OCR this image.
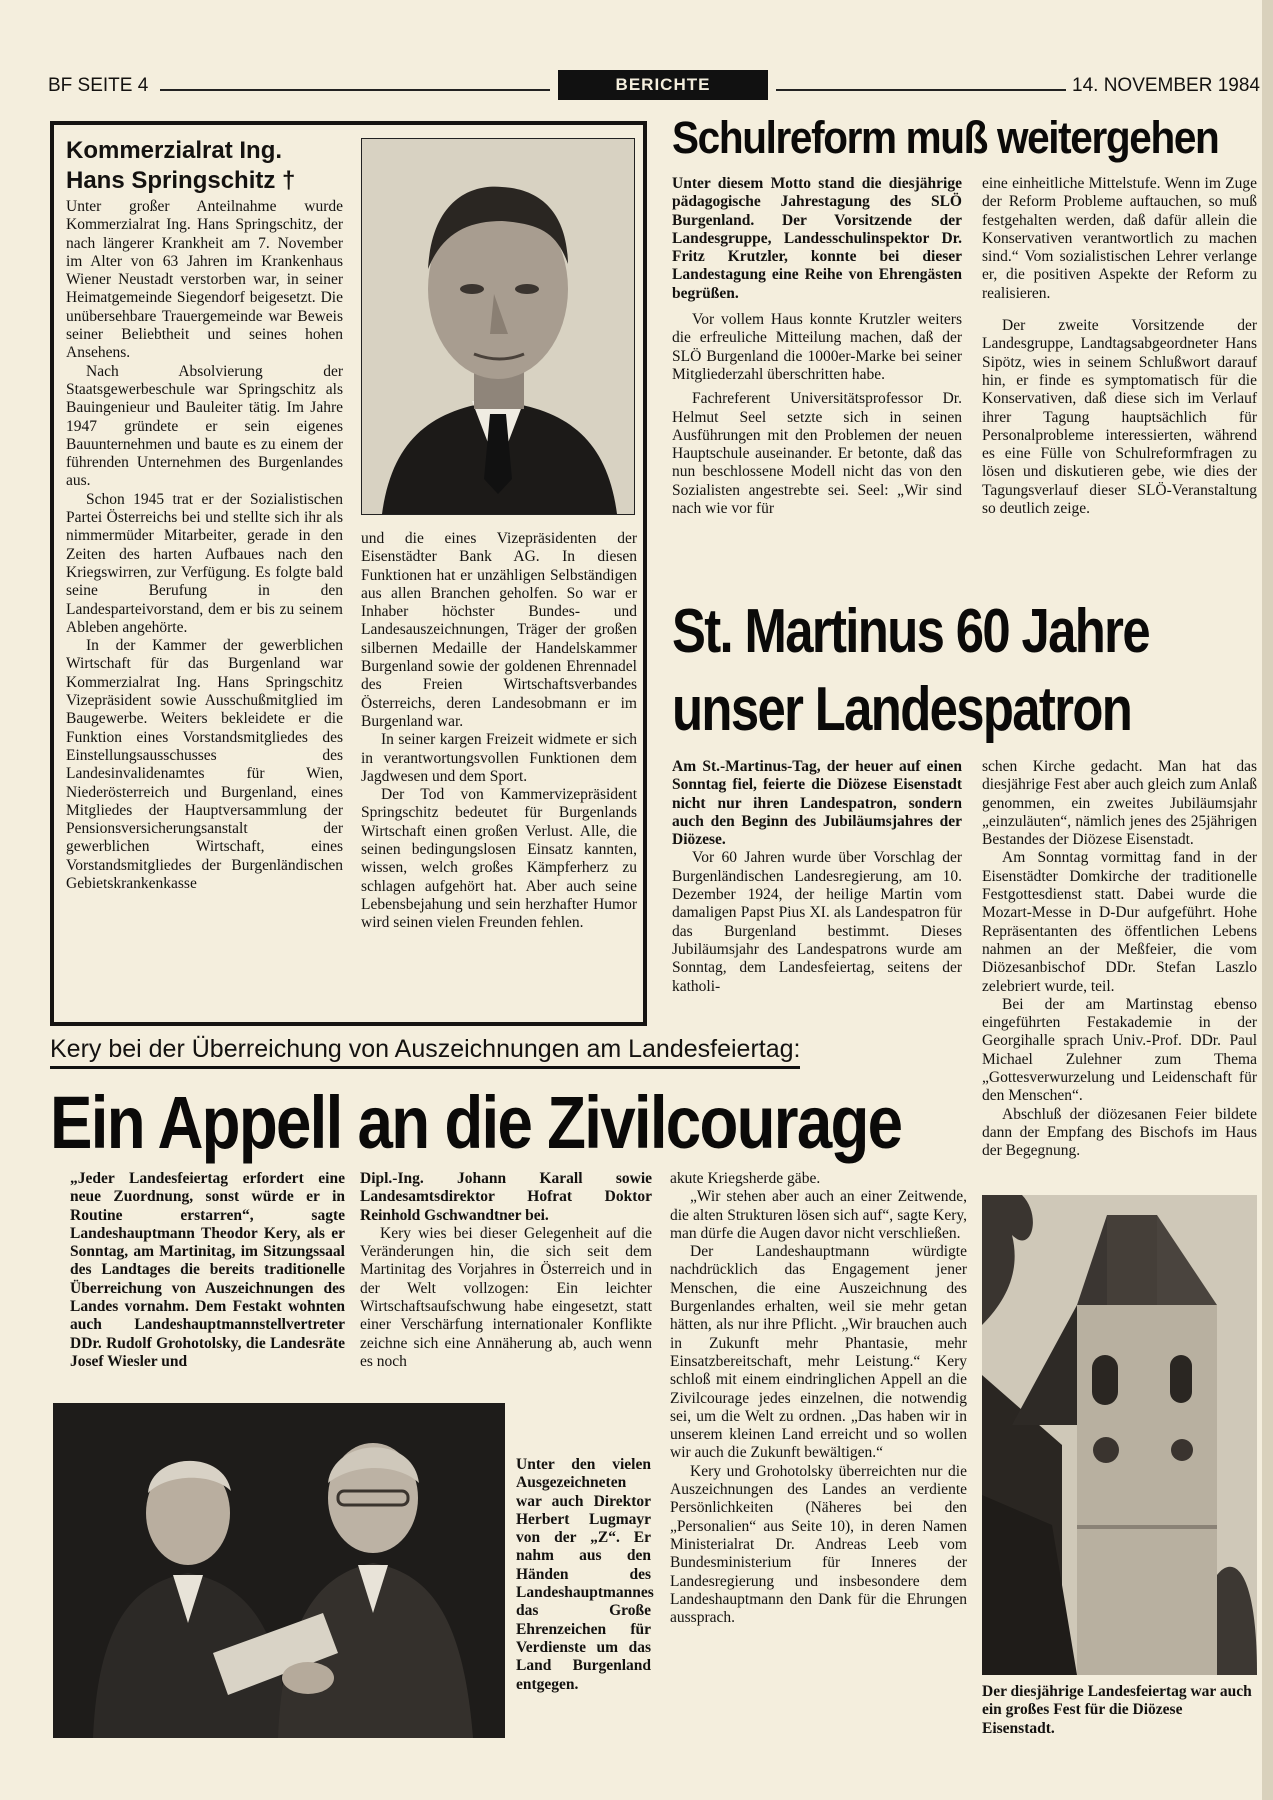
BF SEITE 4	BERICHTE	14. NOVEMBER 1984
Kommerzialrat Ing.
Hans Springschitz †

Unter großer Anteilnahme wurde Kommerzialrat Ing. Hans Springschitz, der nach längerer Krankheit am 7. November im Alter von 63 Jahren im Krankenhaus Wiener Neustadt verstorben war, in seiner Heimatgemeinde Siegendorf beigesetzt. Die unübersehbare Trauergemeinde war Beweis seiner Beliebtheit und seines hohen Ansehens.

Nach Absolvierung der Staatsgewerbeschule war Springschitz als Bauingenieur und Bauleiter tätig. Im Jahre 1947 gründete er sein eigenes Bauunternehmen und baute es zu einem der führenden Unternehmen des Burgenlandes aus.

Schon 1945 trat er der Sozialistischen Partei Österreichs bei und stellte sich ihr als nimmermüder Mitarbeiter, gerade in den Zeiten des harten Aufbaues nach den Kriegswirren, zur Verfügung. Es folgte bald seine Berufung in den Landesparteivorstand, dem er bis zu seinem Ableben angehörte.

In der Kammer der gewerblichen Wirtschaft für das Burgenland war Kommerzialrat Ing. Hans Springschitz Vizepräsident sowie Ausschußmitglied im Baugewerbe. Weiters bekleidete er die Funktion eines Vorstandsmitgliedes des Einstellungsausschusses des Landesinvalidenamtes für Wien, Niederösterreich und Burgenland, eines Mitgliedes der Hauptversammlung der Pensionsversicherungsanstalt der gewerblichen Wirtschaft, eines Vorstandsmitgliedes der Burgenländischen Gebietskrankenkasse

und die eines Vizepräsidenten der Eisenstädter Bank AG. In diesen Funktionen hat er unzähligen Selbständigen aus allen Branchen geholfen. So war er Inhaber höchster Bundes- und Landesauszeichnungen, Träger der großen silbernen Medaille der Handelskammer Burgenland sowie der goldenen Ehrennadel des Freien Wirtschaftsverbandes Österreichs, deren Landesobmann er im Burgenland war.

In seiner kargen Freizeit widmete er sich in verantwortungsvollen Funktionen dem Jagdwesen und dem Sport.

Der Tod von Kammervizepräsident Springschitz bedeutet für Burgenlands Wirtschaft einen großen Verlust. Alle, die seinen bedingungslosen Einsatz kannten, wissen, welch großes Kämpferherz zu schlagen aufgehört hat. Aber auch seine Lebensbejahung und sein herzhafter Humor wird seinen vielen Freunden fehlen.

Schulreform muß weitergehen

Unter diesem Motto stand die diesjährige pädagogische Jahrestagung des SLÖ Burgenland. Der Vorsitzende der Landesgruppe, Landesschulinspektor Dr. Fritz Krutzler, konnte bei dieser Landestagung eine Reihe von Ehrengästen begrüßen.

Vor vollem Haus konnte Krutzler weiters die erfreuliche Mitteilung machen, daß der SLÖ Burgenland die 1000er-Marke bei seiner Mitgliederzahl überschritten habe.

Fachreferent Universitätsprofessor Dr. Helmut Seel setzte sich in seinen Ausführungen mit den Problemen der neuen Hauptschule auseinander. Er betonte, daß das nun beschlossene Modell nicht das von den Sozialisten angestrebte sei. Seel: „Wir sind nach wie vor für

eine einheitliche Mittelstufe. Wenn im Zuge der Reform Probleme auftauchen, so muß festgehalten werden, daß dafür allein die Konservativen verantwortlich zu machen sind.“ Vom sozialistischen Lehrer verlange er, die positiven Aspekte der Reform zu realisieren.

Der zweite Vorsitzende der Landesgruppe, Landtagsabgeordneter Hans Sipötz, wies in seinem Schlußwort darauf hin, er finde es symptomatisch für die Konservativen, daß diese sich im Verlauf ihrer Tagung hauptsächlich für Personalprobleme interessierten, während es eine Fülle von Schulreformfragen zu lösen und diskutieren gebe, wie dies der Tagungsverlauf dieser SLÖ-Veranstaltung so deutlich zeige.

St. Martinus 60 Jahre
unser Landespatron

Am St.-Martinus-Tag, der heuer auf einen Sonntag fiel, feierte die Diözese Eisenstadt nicht nur ihren Landespatron, sondern auch den Beginn des Jubiläumsjahres der Diözese.

Vor 60 Jahren wurde über Vorschlag der Burgenländischen Landesregierung, am 10. Dezember 1924, der heilige Martin vom damaligen Papst Pius XI. als Landespatron für das Burgenland bestimmt. Dieses Jubiläumsjahr des Landespatrons wurde am Sonntag, dem Landesfeiertag, seitens der katholi-

schen Kirche gedacht. Man hat das diesjährige Fest aber auch gleich zum Anlaß genommen, ein zweites Jubiläumsjahr „einzuläuten“, nämlich jenes des 25jährigen Bestandes der Diözese Eisenstadt.

Am Sonntag vormittag fand in der Eisenstädter Domkirche der traditionelle Festgottesdienst statt. Dabei wurde die Mozart-Messe in D-Dur aufgeführt. Hohe Repräsentanten des öffentlichen Lebens nahmen an der Meßfeier, die vom Diözesanbischof DDr. Stefan Laszlo zelebriert wurde, teil.

Bei der am Martinstag ebenso eingeführten Festakademie in der Georgihalle sprach Univ.-Prof. DDr. Paul Michael Zulehner zum Thema „Gottesverwurzelung und Leidenschaft für den Menschen“.

Abschluß der diözesanen Feier bildete dann der Empfang des Bischofs im Haus der Begegnung.

Der diesjährige Landesfeiertag war auch ein großes Fest für die Diözese Eisenstadt.
Kery bei der Überreichung von Auszeichnungen am Landesfeiertag:
Ein Appell an die Zivilcourage

„Jeder Landesfeiertag erfordert eine neue Zuordnung, sonst würde er in Routine erstarren“, sagte Landeshauptmann Theodor Kery, als er Sonntag, am Martinitag, im Sitzungssaal des Landtages die bereits traditionelle Überreichung von Auszeichnungen des Landes vornahm. Dem Festakt wohnten auch Landeshauptmannstellvertreter DDr. Rudolf Grohotolsky, die Landesräte Josef Wiesler und

Dipl.-Ing. Johann Karall sowie Landesamtsdirektor Hofrat Doktor Reinhold Gschwandtner bei.

Kery wies bei dieser Gelegenheit auf die Veränderungen hin, die sich seit dem Martinitag des Vorjahres in Österreich und in der Welt vollzogen: Ein leichter Wirtschaftsaufschwung habe eingesetzt, statt einer Verschärfung internationaler Konflikte zeichne sich eine Annäherung ab, auch wenn es noch

akute Kriegsherde gäbe.

„Wir stehen aber auch an einer Zeitwende, die alten Strukturen lösen sich auf“, sagte Kery, man dürfe die Augen davor nicht verschließen.

Der Landeshauptmann würdigte nachdrücklich das Engagement jener Menschen, die eine Auszeichnung des Burgenlandes erhalten, weil sie mehr getan hätten, als nur ihre Pflicht. „Wir brauchen auch in Zukunft mehr Phantasie, mehr Einsatzbereitschaft, mehr Leistung.“ Kery schloß mit einem eindringlichen Appell an die Zivilcourage jedes einzelnen, die notwendig sei, um die Welt zu ordnen. „Das haben wir in unserem kleinen Land erreicht und so wollen wir auch die Zukunft bewältigen.“

Kery und Grohotolsky überreichten nur die Auszeichnungen des Landes an verdiente Persönlichkeiten (Näheres bei den „Personalien“ aus Seite 10), in deren Namen Ministerialrat Dr. Andreas Leeb vom Bundesministerium für Inneres der Landesregierung und insbesondere dem Landeshauptmann den Dank für die Ehrungen aussprach.

Unter den vielen Ausgezeichneten war auch Direktor Herbert Lugmayr von der „Z“. Er nahm aus den Händen des Landeshauptmannes das Große Ehrenzeichen für Verdienste um das Land Burgenland entgegen.
